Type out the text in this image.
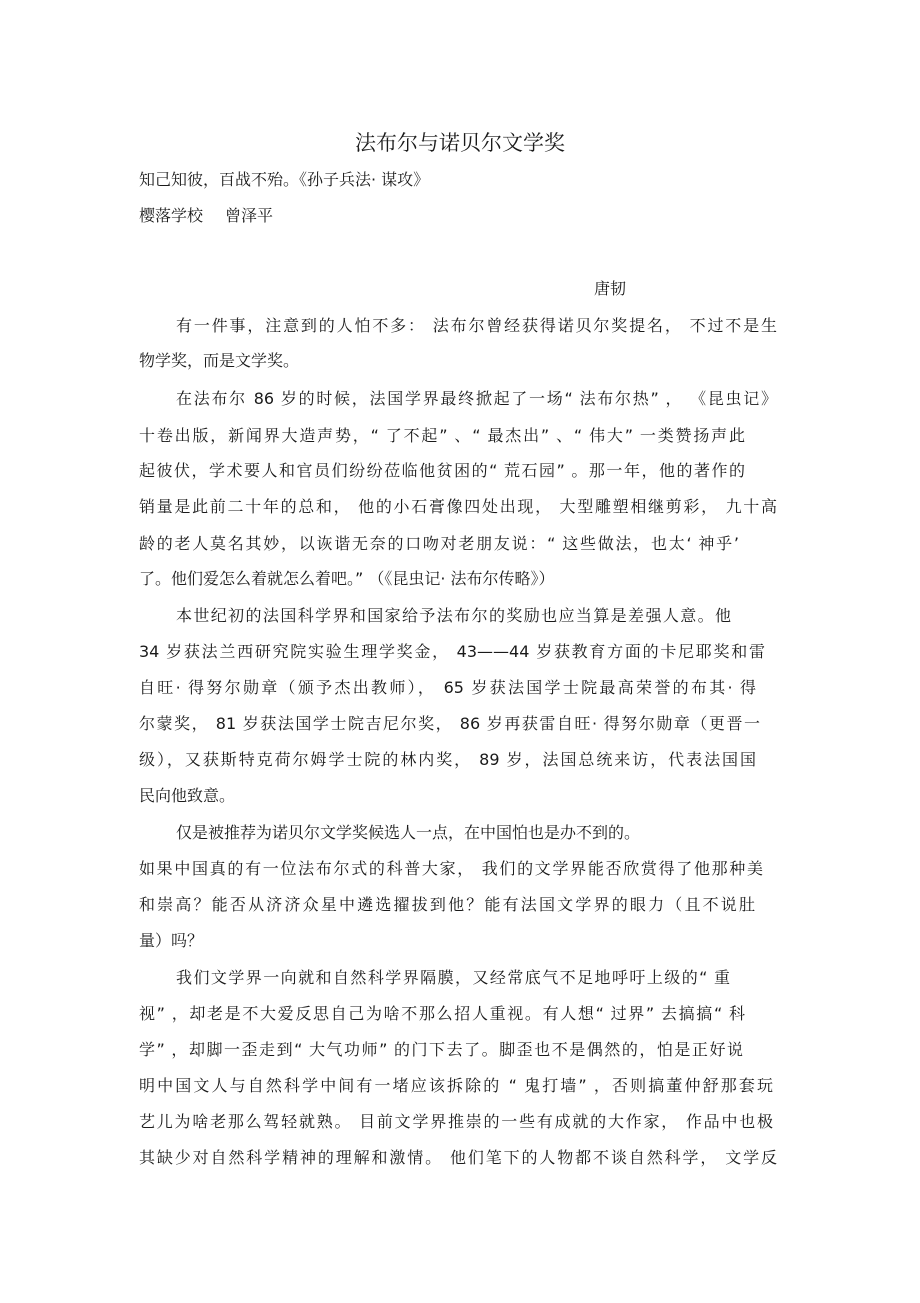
法布尔与诺贝尔文学奖
知己知彼，百战不殆。《孙子兵法· 谋攻》
樱落学校 曾泽平
唐韧
有一件事，注意到的人怕不多： 法布尔曾经获得诺贝尔奖提名， 不过不是生
物学奖，而是文学奖。
在法布尔 86 岁的时候，法国学界最终掀起了一场“ 法布尔热” ， 《昆虫记》
十卷出版，新闻界大造声势，“ 了不起” 、“ 最杰出” 、“ 伟大” 一类赞扬声此
起彼伏，学术要人和官员们纷纷莅临他贫困的“ 荒石园” 。那一年，他的著作的
销量是此前二十年的总和， 他的小石膏像四处出现， 大型雕塑相继剪彩， 九十高
龄的老人莫名其妙，以诙谐无奈的口吻对老朋友说：“ 这些做法，也太‘ 神乎’
了。他们爱怎么着就怎么着吧。” （《昆虫记· 法布尔传略》）
本世纪初的法国科学界和国家给予法布尔的奖励也应当算是差强人意。他
34 岁获法兰西研究院实验生理学奖金， 43——44 岁获教育方面的卡尼耶奖和雷
自旺· 得努尔勋章（颁予杰出教师）， 65 岁获法国学士院最高荣誉的布其· 得
尔蒙奖， 81 岁获法国学士院吉尼尔奖， 86 岁再获雷自旺· 得努尔勋章（更晋一
级），又获斯特克荷尔姆学士院的林内奖， 89 岁，法国总统来访，代表法国国
民向他致意。
仅是被推荐为诺贝尔文学奖候选人一点，在中国怕也是办不到的。
如果中国真的有一位法布尔式的科普大家， 我们的文学界能否欣赏得了他那种美
和崇高？能否从济济众星中遴选擢拔到他？能有法国文学界的眼力（且不说肚
量）吗？
我们文学界一向就和自然科学界隔膜，又经常底气不足地呼吁上级的“ 重
视” ，却老是不大爱反思自己为啥不那么招人重视。有人想“ 过界” 去搞搞“ 科
学” ，却脚一歪走到“ 大气功师” 的门下去了。脚歪也不是偶然的，怕是正好说
明中国文人与自然科学中间有一堵应该拆除的 “ 鬼打墙” ，否则搞董仲舒那套玩
艺儿为啥老那么驾轻就熟。 目前文学界推崇的一些有成就的大作家， 作品中也极
其缺少对自然科学精神的理解和激情。 他们笔下的人物都不谈自然科学， 文学反
